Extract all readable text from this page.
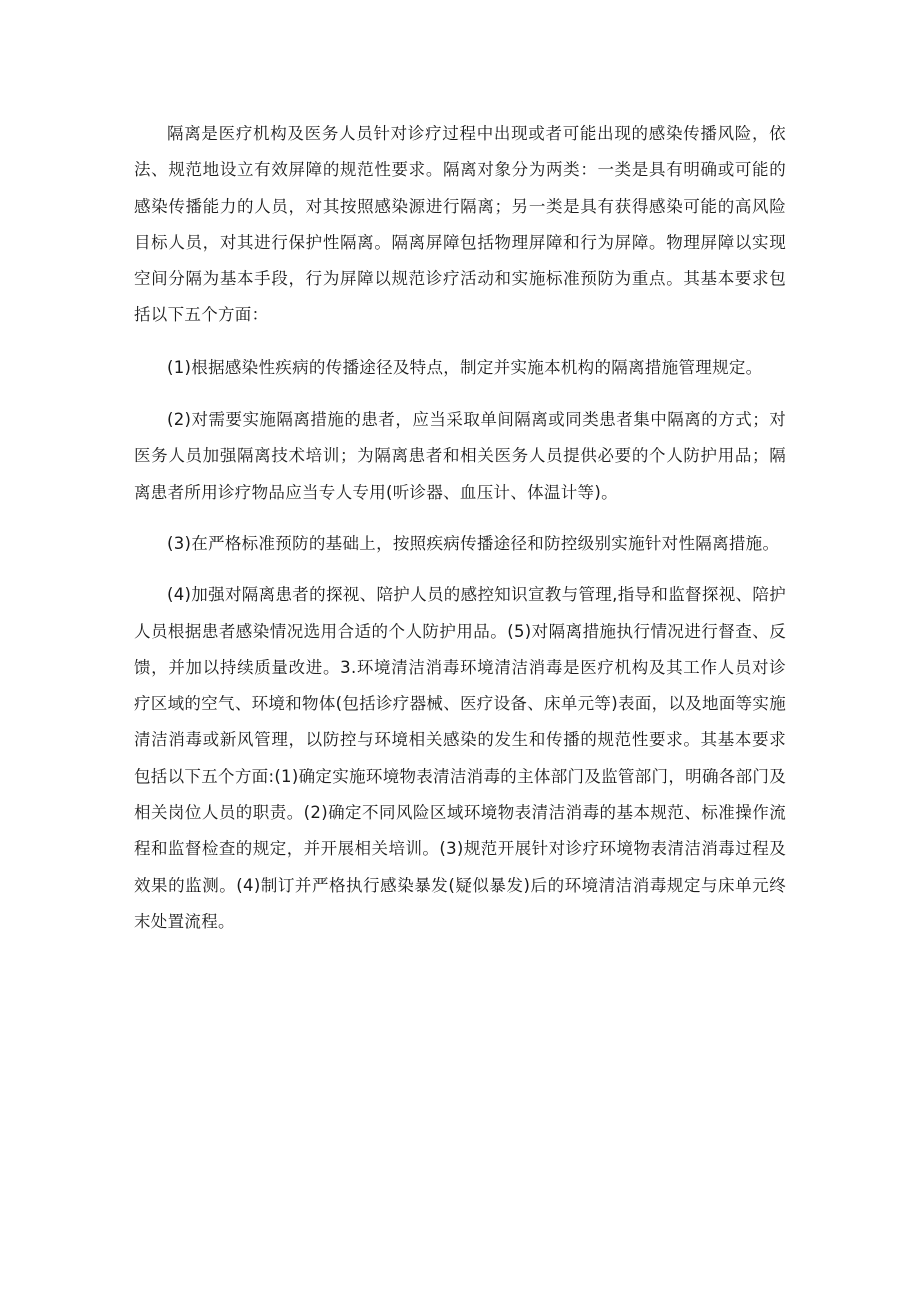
隔离是医疗机构及医务人员针对诊疗过程中出现或者可能出现的感染传播风险，依法、规范地设立有效屏障的规范性要求。隔离对象分为两类：一类是具有明确或可能的感染传播能力的人员，对其按照感染源进行隔离；另一类是具有获得感染可能的高风险目标人员，对其进行保护性隔离。隔离屏障包括物理屏障和行为屏障。物理屏障以实现空间分隔为基本手段，行为屏障以规范诊疗活动和实施标准预防为重点。其基本要求包括以下五个方面：

(1)根据感染性疾病的传播途径及特点，制定并实施本机构的隔离措施管理规定。

(2)对需要实施隔离措施的患者，应当采取单间隔离或同类患者集中隔离的方式；对医务人员加强隔离技术培训；为隔离患者和相关医务人员提供必要的个人防护用品；隔离患者所用诊疗物品应当专人专用(听诊器、血压计、体温计等)。

(3)在严格标准预防的基础上，按照疾病传播途径和防控级别实施针对性隔离措施。

(4)加强对隔离患者的探视、陪护人员的感控知识宣教与管理,指导和监督探视、陪护人员根据患者感染情况选用合适的个人防护用品。(5)对隔离措施执行情况进行督查、反馈，并加以持续质量改进。3.环境清洁消毒环境清洁消毒是医疗机构及其工作人员对诊疗区域的空气、环境和物体(包括诊疗器械、医疗设备、床单元等)表面，以及地面等实施清洁消毒或新风管理，以防控与环境相关感染的发生和传播的规范性要求。其基本要求包括以下五个方面:(1)确定实施环境物表清洁消毒的主体部门及监管部门，明确各部门及相关岗位人员的职责。(2)确定不同风险区域环境物表清洁消毒的基本规范、标准操作流程和监督检查的规定，并开展相关培训。(3)规范开展针对诊疗环境物表清洁消毒过程及效果的监测。(4)制订并严格执行感染暴发(疑似暴发)后的环境清洁消毒规定与床单元终末处置流程。
